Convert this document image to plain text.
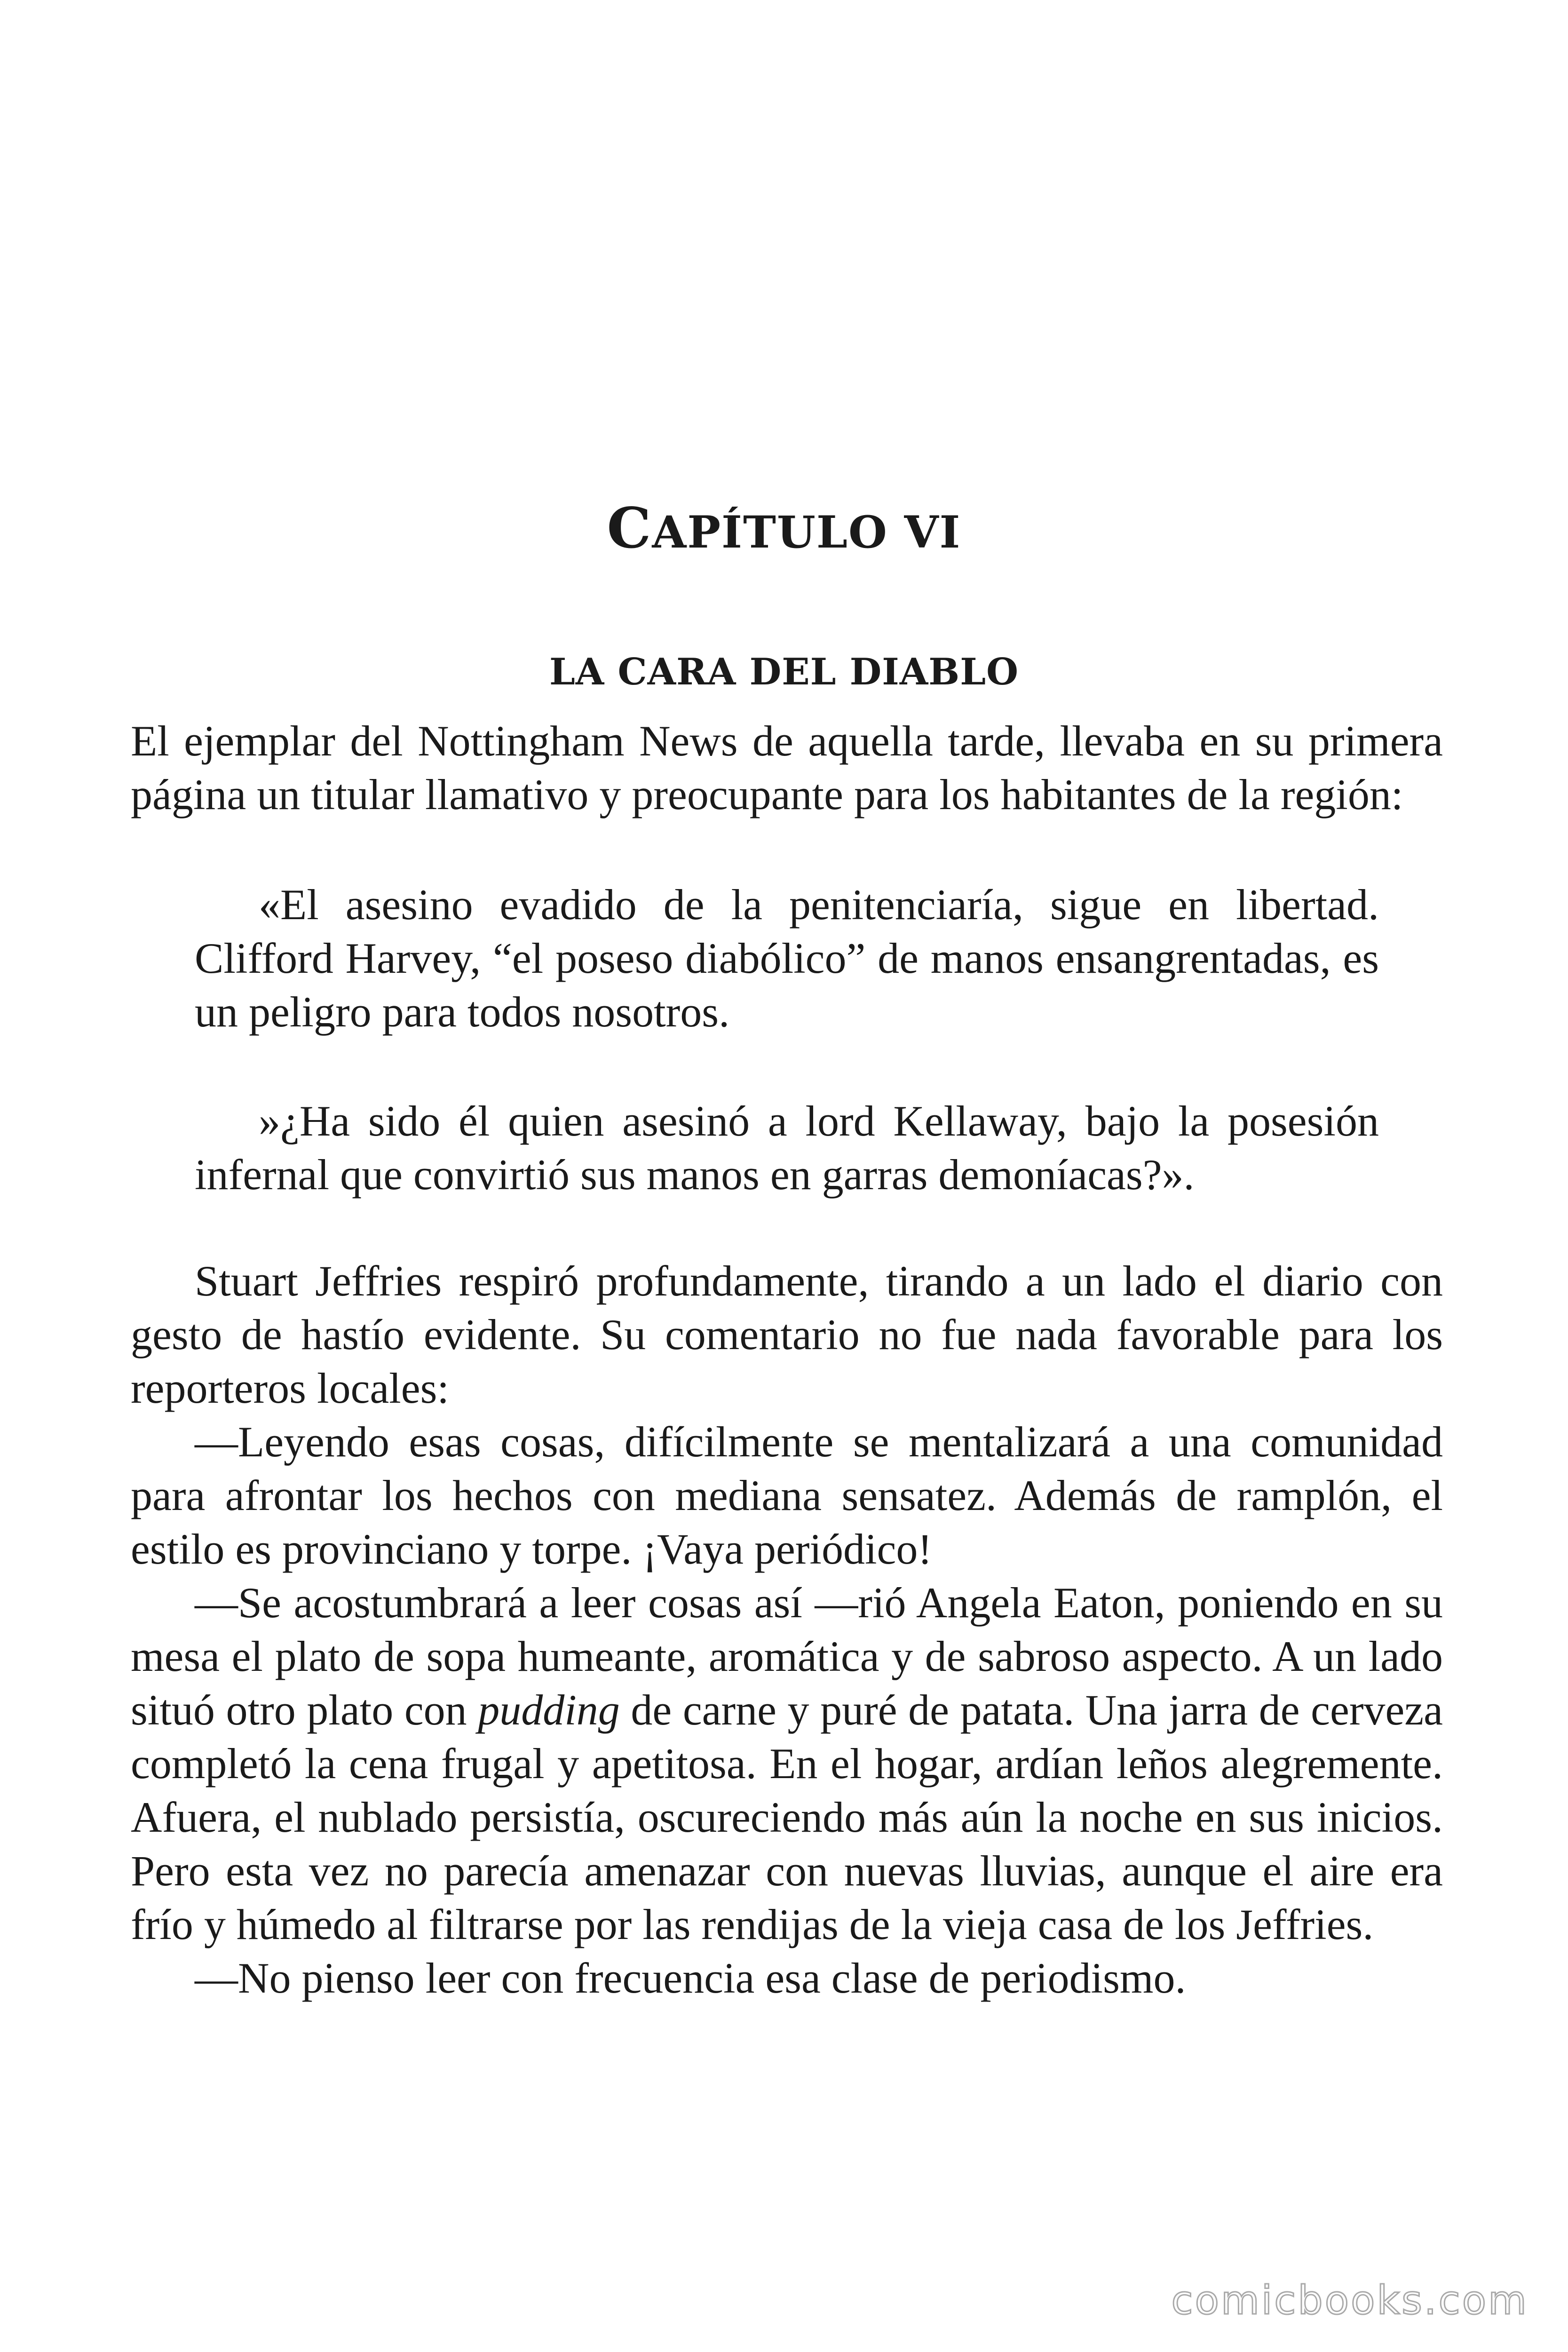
CAPÍTULO VI
LA CARA DEL DIABLO

El ejemplar del Nottingham News de aquella tarde, llevaba en su primera página un titular llamativo y preocupante para los habitantes de la región:

«El asesino evadido de la penitenciaría, sigue en libertad. Clifford Harvey, “el poseso diabólico” de manos ensangrentadas, es un peligro para todos nosotros.

»¿Ha sido él quien asesinó a lord Kellaway, bajo la posesión infernal que convirtió sus manos en garras demoníacas?».

Stuart Jeffries respiró profundamente, tirando a un lado el diario con gesto de hastío evidente. Su comentario no fue nada favorable para los reporteros locales:

—Leyendo esas cosas, difícilmente se mentalizará a una comunidad para afrontar los hechos con mediana sensatez. Además de ramplón, el estilo es provinciano y torpe. ¡Vaya periódico!

—Se acostumbrará a leer cosas así —rió Angela Eaton, poniendo en su mesa el plato de sopa humeante, aromática y de sabroso aspecto. A un lado situó otro plato con pudding de carne y puré de patata. Una jarra de cerveza completó la cena frugal y apetitosa. En el hogar, ardían leños alegremente. Afuera, el nublado persistía, oscureciendo más aún la noche en sus inicios. Pero esta vez no parecía amenazar con nuevas lluvias, aunque el aire era frío y húmedo al filtrarse por las rendijas de la vieja casa de los Jeffries.

—No pienso leer con frecuencia esa clase de periodismo.

comicbooks.com
